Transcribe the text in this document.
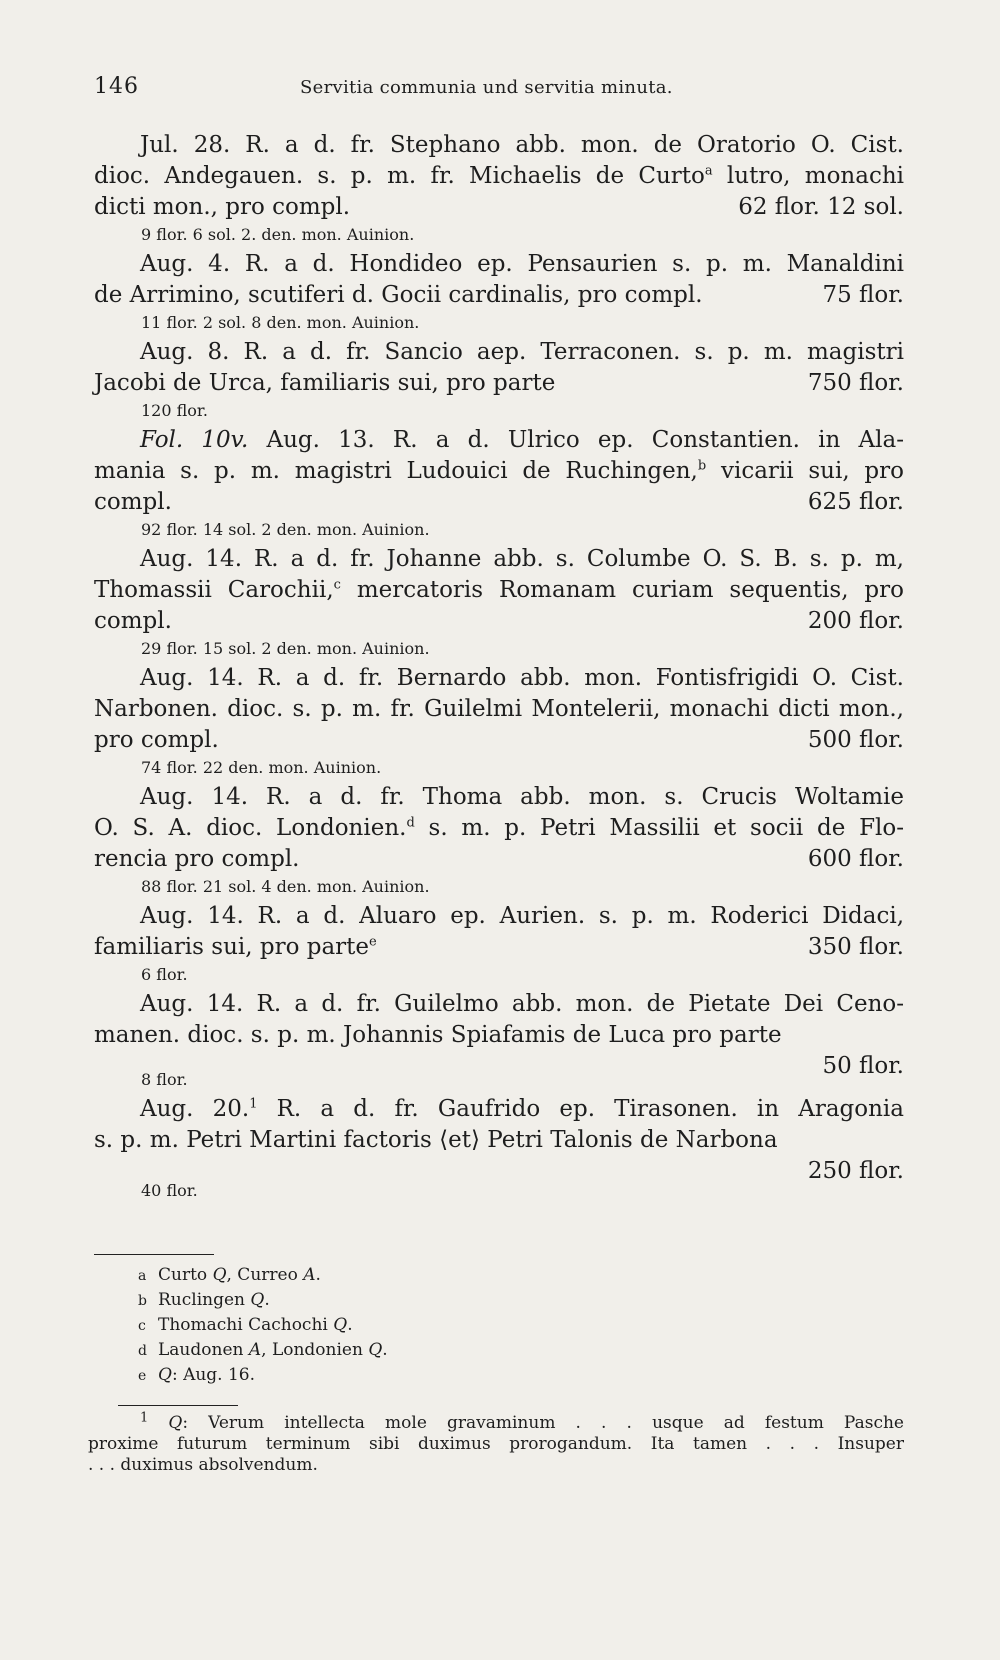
146	Servitia communia und servitia minuta.
Jul. 28. R. a d. fr. Stephano abb. mon. de Oratorio O. Cist.
dioc. Andegauen. s. p. m. fr. Michaelis de Curto$^a$ lutro, monachi
dicti mon., pro compl.	62 flor. 12 sol.
9 flor. 6 sol. 2. den. mon. Auinion.
Aug. 4. R. a d. Hondideo ep. Pensaurien s. p. m. Manaldini
de Arrimino, scutiferi d. Gocii cardinalis, pro compl.	75 flor.
11 flor. 2 sol. 8 den. mon. Auinion.
Aug. 8. R. a d. fr. Sancio aep. Terraconen. s. p. m. magistri
Jacobi de Urca, familiaris sui, pro parte	750 flor.
120 flor.
Fol. 10v. Aug. 13. R. a d. Ulrico ep. Constantien. in Ala-
mania s. p. m. magistri Ludouici de Ruchingen,$^b$ vicarii sui, pro
compl.	625 flor.
92 flor. 14 sol. 2 den. mon. Auinion.
Aug. 14. R. a d. fr. Johanne abb. s. Columbe O. S. B. s. p. m,
Thomassii Carochii,$^c$ mercatoris Romanam curiam sequentis, pro
compl.	200 flor.
29 flor. 15 sol. 2 den. mon. Auinion.
Aug. 14. R. a d. fr. Bernardo abb. mon. Fontisfrigidi O. Cist.
Narbonen. dioc. s. p. m. fr. Guilelmi Montelerii, monachi dicti mon.,
pro compl.	500 flor.
74 flor. 22 den. mon. Auinion.
Aug. 14. R. a d. fr. Thoma abb. mon. s. Crucis Woltamie
O. S. A. dioc. Londonien.$^d$ s. m. p. Petri Massilii et socii de Flo-
rencia pro compl.	600 flor.
88 flor. 21 sol. 4 den. mon. Auinion.
Aug. 14. R. a d. Aluaro ep. Aurien. s. p. m. Roderici Didaci,
familiaris sui, pro parte$^e$	350 flor.
6 flor.
Aug. 14. R. a d. fr. Guilelmo abb. mon. de Pietate Dei Ceno-
manen. dioc. s. p. m. Johannis Spiafamis de Luca pro parte
50 flor.
8 flor.
Aug. 20.$^1$ R. a d. fr. Gaufrido ep. Tirasonen. in Aragonia
s. p. m. Petri Martini factoris ⟨et⟩ Petri Talonis de Narbona
250 flor.
40 flor.
a Curto Q, Curreo A.
b Ruclingen Q.
c Thomachi Cachochi Q.
d Laudonen A, Londonien Q.
e Q: Aug. 16.
$^1$ Q: Verum intellecta mole gravaminum . . . usque ad festum Pasche
proxime futurum terminum sibi duximus prorogandum. Ita tamen . . . Insuper
. . . duximus absolvendum.
